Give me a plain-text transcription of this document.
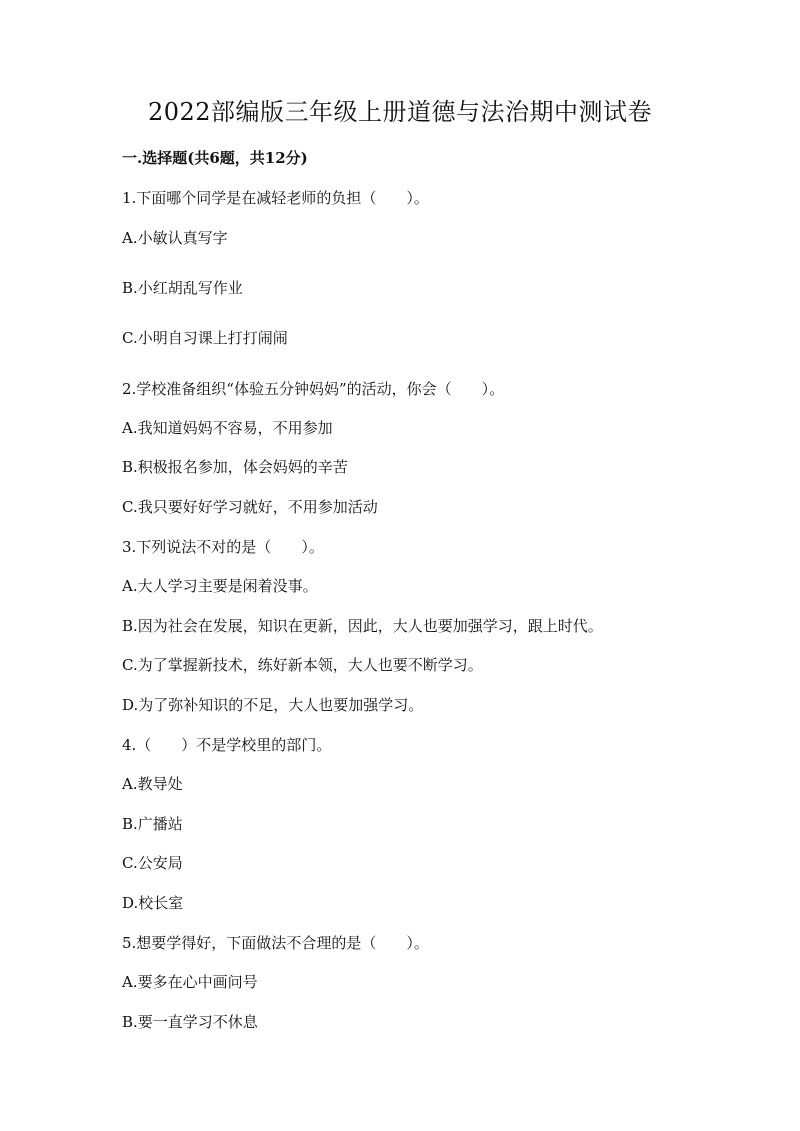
2022部编版三年级上册道德与法治期中测试卷
一.选择题(共6题，共12分)
1.下面哪个同学是在减轻老师的负担（　　）。
A.小敏认真写字
B.小红胡乱写作业
C.小明自习课上打打闹闹
2.学校准备组织“体验五分钟妈妈”的活动，你会（　　）。
A.我知道妈妈不容易，不用参加
B.积极报名参加，体会妈妈的辛苦
C.我只要好好学习就好，不用参加活动
3.下列说法不对的是（　　）。
A.大人学习主要是闲着没事。
B.因为社会在发展，知识在更新，因此，大人也要加强学习，跟上时代。
C.为了掌握新技术，练好新本领，大人也要不断学习。
D.为了弥补知识的不足，大人也要加强学习。
4.（　　）不是学校里的部门。
A.教导处
B.广播站
C.公安局
D.校长室
5.想要学得好，下面做法不合理的是（　　）。
A.要多在心中画问号
B.要一直学习不休息
